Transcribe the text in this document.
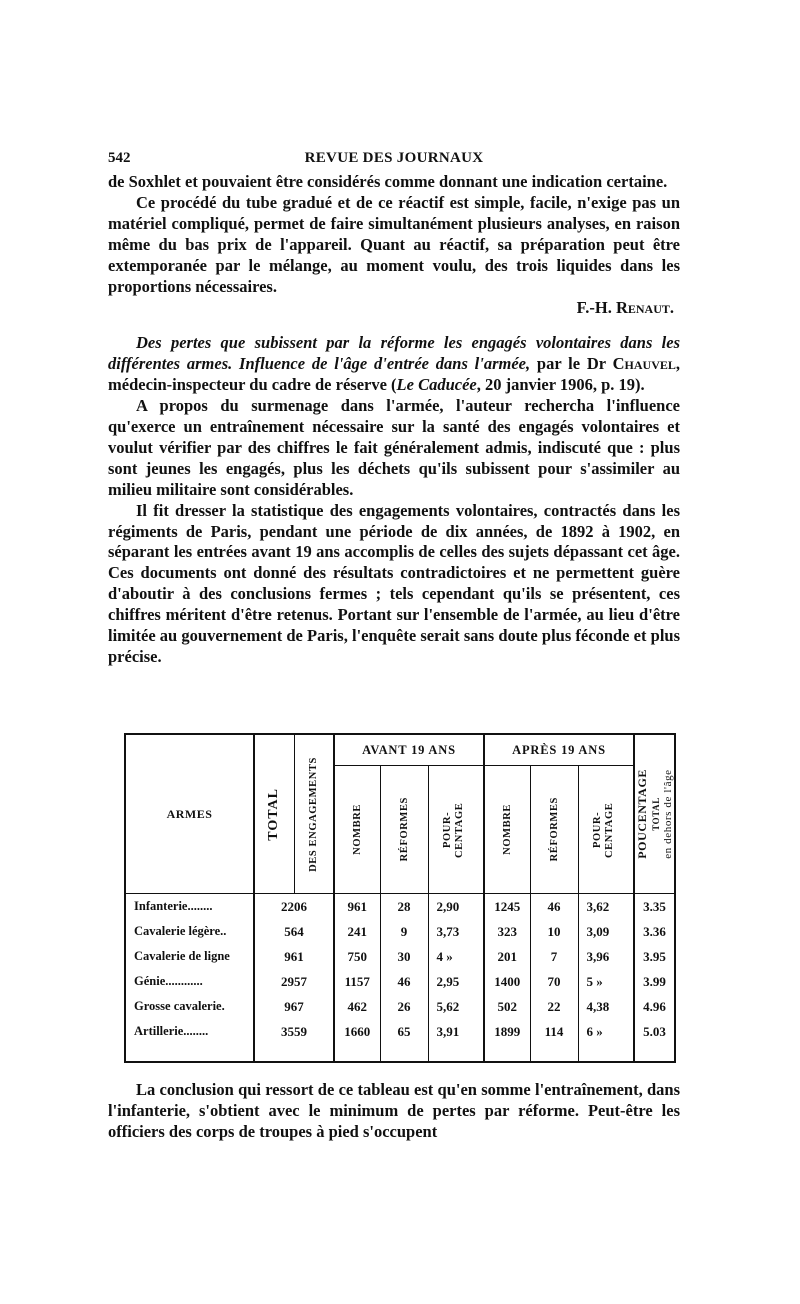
542	REVUE DES JOURNAUX

de Soxhlet et pouvaient être considérés comme donnant une indication certaine.

Ce procédé du tube gradué et de ce réactif est simple, facile, n'exige pas un matériel compliqué, permet de faire simultanément plusieurs analyses, en raison même du bas prix de l'appareil. Quant au réactif, sa préparation peut être extemporanée par le mélange, au moment voulu, des trois liquides dans les proportions nécessaires.

F.-H. Renaut.

Des pertes que subissent par la réforme les engagés volontaires dans les différentes armes. Influence de l'âge d'entrée dans l'armée, par le Dr Chauvel, médecin-inspecteur du cadre de réserve (Le Caducée, 20 janvier 1906, p. 19).

A propos du surmenage dans l'armée, l'auteur recherchа l'influence qu'exerce un entraînement nécessaire sur la santé des engagés volontaires et voulut vérifier par des chiffres le fait généralement admis, indiscuté que : plus sont jeunes les engagés, plus les déchets qu'ils subissent pour s'assimiler au milieu militaire sont considérables.

Il fit dresser la statistique des engagements volontaires, contractés dans les régiments de Paris, pendant une période de dix années, de 1892 à 1902, en séparant les entrées avant 19 ans accomplis de celles des sujets dépassant cet âge. Ces documents ont donné des résultats contradictoires et ne permettent guère d'aboutir à des conclusions fermes ; tels cependant qu'ils se présentent, ces chiffres méritent d'être retenus. Portant sur l'ensemble de l'armée, au lieu d'être limitée au gouvernement de Paris, l'enquête serait sans doute plus féconde et plus précise.

ARMES	TOTAL	DES ENGAGEMENTS	AVANT 19 ANS			APRÈS 19 ANS			POUCENTAGE TOTAL en dehors de l'âge

			NOMBRE	RÉFORMES	POUR-CENTAGE	NOMBRE	RÉFORMES	POUR-CENTAGE	

Infanterie........	2206		961	28	2,90	1245	46	3,62	3.35
Cavalerie légère..	564		241	9	3,73	323	10	3,09	3.36
Cavalerie de ligne	961		750	30	4 »	201	7	3,96	3.95
Génie............	2957		1157	46	2,95	1400	70	5 »	3.99
Grosse cavalerie.	967		462	26	5,62	502	22	4,38	4.96
Artillerie........	3559		1660	65	3,91	1899	114	6 »	5.03

La conclusion qui ressort de ce tableau est qu'en somme l'entraînement, dans l'infanterie, s'obtient avec le minimum de pertes par réforme. Peut-être les officiers des corps de troupes à pied s'occupent
